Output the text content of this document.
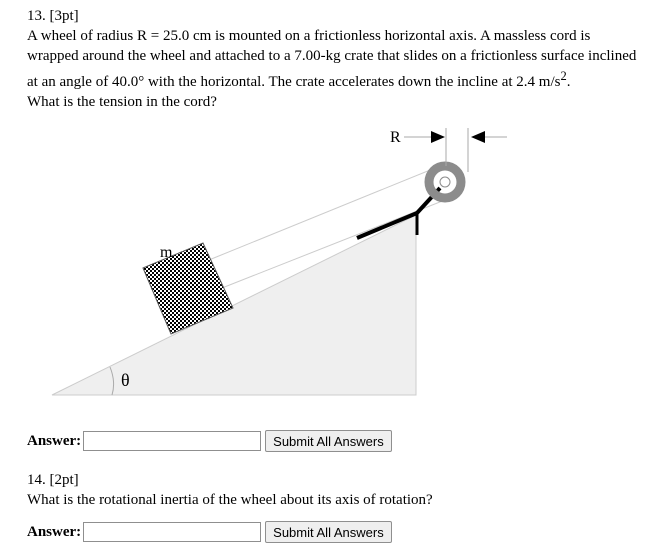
13. [3pt]
A wheel of radius R = 25.0 cm is mounted on a frictionless horizontal axis. A massless cord is wrapped around the wheel and attached to a 7.00-kg crate that slides on a frictionless surface inclined at an angle of 40.0° with the horizontal. The crate accelerates down the incline at 2.4 $m/s^2$.
What is the tension in the cord?
θ
m
R
Answer:	Submit All Answers
14. [2pt]
What is the rotational inertia of the wheel about its axis of rotation?
Answer:	Submit All Answers
